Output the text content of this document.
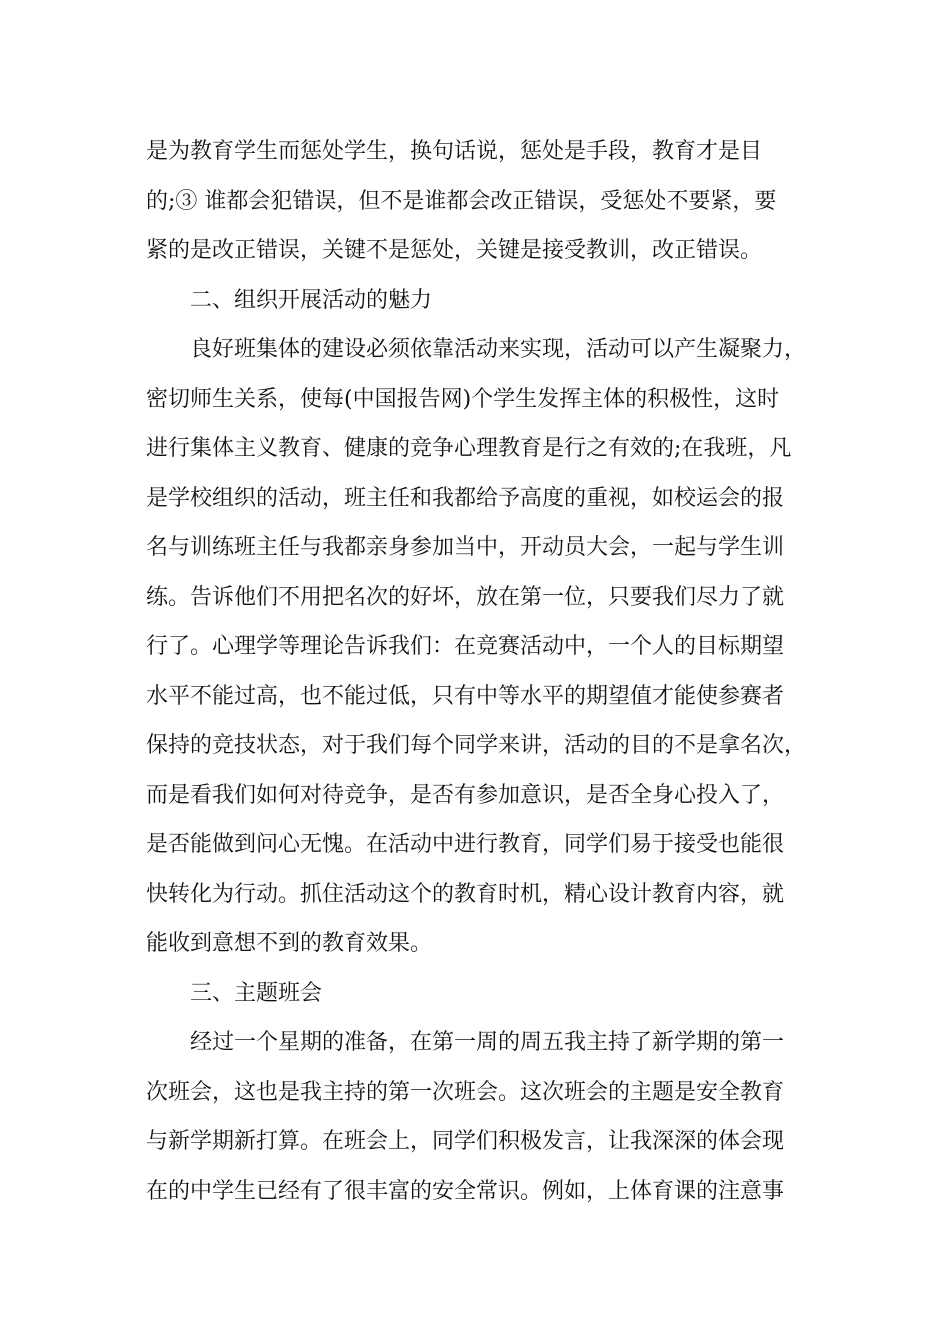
是为教育学生而惩处学生，换句话说，惩处是手段，教育才是目
的;③ 谁都会犯错误，但不是谁都会改正错误，受惩处不要紧，要
紧的是改正错误，关键不是惩处，关键是接受教训，改正错误。
二、组织开展活动的魅力
良好班集体的建设必须依靠活动来实现，活动可以产生凝聚力，
密切师生关系，使每(中国报告网)个学生发挥主体的积极性，这时
进行集体主义教育、健康的竞争心理教育是行之有效的;在我班，凡
是学校组织的活动，班主任和我都给予高度的重视，如校运会的报
名与训练班主任与我都亲身参加当中，开动员大会，一起与学生训
练。告诉他们不用把名次的好坏，放在第一位，只要我们尽力了就
行了。心理学等理论告诉我们：在竞赛活动中，一个人的目标期望
水平不能过高，也不能过低，只有中等水平的期望值才能使参赛者
保持的竞技状态，对于我们每个同学来讲，活动的目的不是拿名次，
而是看我们如何对待竞争，是否有参加意识，是否全身心投入了，
是否能做到问心无愧。在活动中进行教育，同学们易于接受也能很
快转化为行动。抓住活动这个的教育时机，精心设计教育内容，就
能收到意想不到的教育效果。
三、主题班会
经过一个星期的准备，在第一周的周五我主持了新学期的第一
次班会，这也是我主持的第一次班会。这次班会的主题是安全教育
与新学期新打算。在班会上，同学们积极发言，让我深深的体会现
在的中学生已经有了很丰富的安全常识。例如，上体育课的注意事
